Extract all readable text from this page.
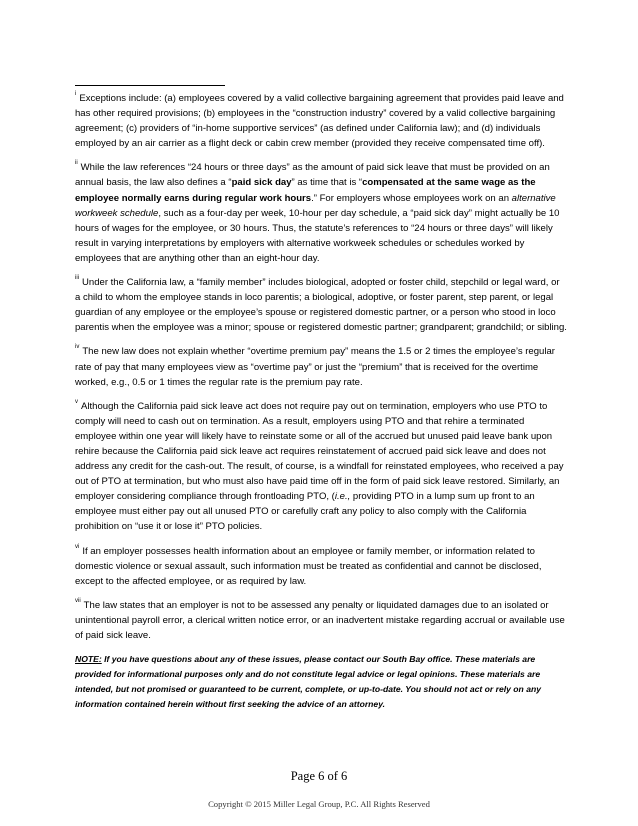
$^i$ Exceptions include: (a) employees covered by a valid collective bargaining agreement that provides paid leave and has other required provisions; (b) employees in the “construction industry” covered by a valid collective bargaining agreement; (c) providers of “in-home supportive services” (as defined under California law); and (d) individuals employed by an air carrier as a flight deck or cabin crew member (provided they receive compensated time off).
$^{ii}$ While the law references “24 hours or three days” as the amount of paid sick leave that must be provided on an annual basis, the law also defines a “paid sick day” as time that is “compensated at the same wage as the employee normally earns during regular work hours.” For employers whose employees work on an alternative workweek schedule, such as a four-day per week, 10-hour per day schedule, a “paid sick day” might actually be 10 hours of wages for the employee, or 30 hours. Thus, the statute’s references to “24 hours or three days” will likely result in varying interpretations by employers with alternative workweek schedules or schedules worked by employees that are anything other than an eight-hour day.
$^{iii}$ Under the California law, a “family member” includes biological, adopted or foster child, stepchild or legal ward, or a child to whom the employee stands in loco parentis; a biological, adoptive, or foster parent, step parent, or legal guardian of any employee or the employee’s spouse or registered domestic partner, or a person who stood in loco parentis when the employee was a minor; spouse or registered domestic partner; grandparent; grandchild; or sibling.
$^{iv}$ The new law does not explain whether “overtime premium pay” means the 1.5 or 2 times the employee’s regular rate of pay that many employees view as “overtime pay” or just the “premium” that is received for the overtime worked, e.g., 0.5 or 1 times the regular rate is the premium pay rate.
$^v$ Although the California paid sick leave act does not require pay out on termination, employers who use PTO to comply will need to cash out on termination. As a result, employers using PTO and that rehire a terminated employee within one year will likely have to reinstate some or all of the accrued but unused paid leave bank upon rehire because the California paid sick leave act requires reinstatement of accrued paid sick leave and does not address any credit for the cash-out. The result, of course, is a windfall for reinstated employees, who received a pay out of PTO at termination, but who must also have paid time off in the form of paid sick leave restored. Similarly, an employer considering compliance through frontloading PTO, (i.e., providing PTO in a lump sum up front to an employee must either pay out all unused PTO or carefully craft any policy to also comply with the California prohibition on “use it or lose it” PTO policies.
$^{vi}$ If an employer possesses health information about an employee or family member, or information related to domestic violence or sexual assault, such information must be treated as confidential and cannot be disclosed, except to the affected employee, or as required by law.
$^{vii}$ The law states that an employer is not to be assessed any penalty or liquidated damages due to an isolated or unintentional payroll error, a clerical written notice error, or an inadvertent mistake regarding accrual or available use of paid sick leave.
NOTE: If you have questions about any of these issues, please contact our South Bay office. These materials are provided for informational purposes only and do not constitute legal advice or legal opinions. These materials are intended, but not promised or guaranteed to be current, complete, or up-to-date. You should not act or rely on any information contained herein without first seeking the advice of an attorney.
Page 6 of 6
Copyright © 2015 Miller Legal Group, P.C. All Rights Reserved
